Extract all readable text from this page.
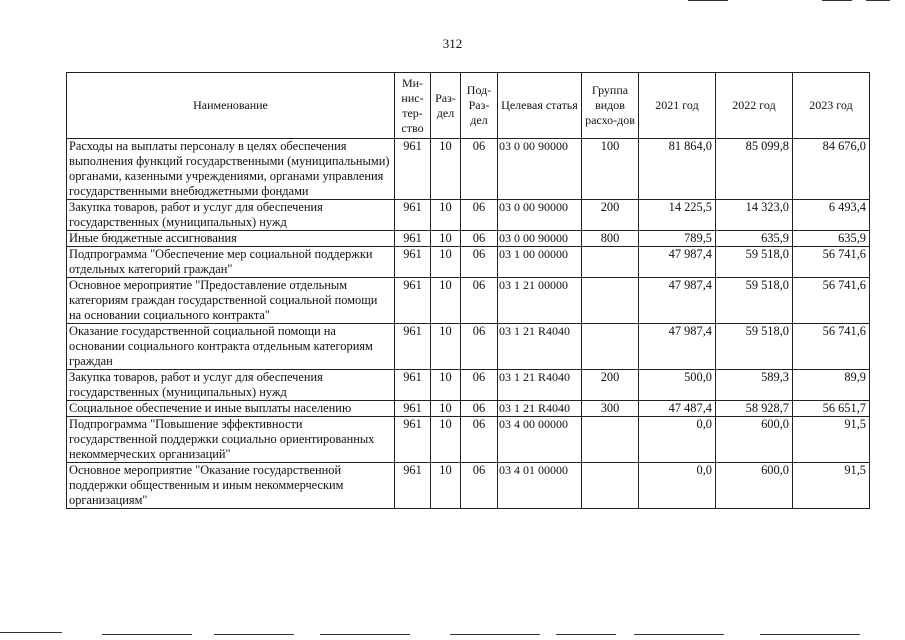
312
Наименование	Ми-нис-тер-ство	Раз-дел	Под-Раз-дел	Целевая статья	Группа видов расхо-дов	2021 год	2022 год	2023 год
Расходы на выплаты персоналу в целях обеспечения выполнения функций государственными (муниципальными) органами, казенными учреждениями, органами управления государственными внебюджетными фондами	961	10	06	03 0 00 90000	100	81 864,0	85 099,8	84 676,0
Закупка товаров, работ и услуг для обеспечения государственных (муниципальных) нужд	961	10	06	03 0 00 90000	200	14 225,5	14 323,0	6 493,4
Иные бюджетные ассигнования	961	10	06	03 0 00 90000	800	789,5	635,9	635,9
Подпрограмма "Обеспечение мер социальной поддержки отдельных категорий граждан"	961	10	06	03 1 00 00000		47 987,4	59 518,0	56 741,6
Основное мероприятие "Предоставление отдельным категориям граждан государственной социальной помощи на основании социального контракта"	961	10	06	03 1 21 00000		47 987,4	59 518,0	56 741,6
Оказание государственной социальной помощи на основании социального контракта отдельным категориям граждан	961	10	06	03 1 21 R4040		47 987,4	59 518,0	56 741,6
Закупка товаров, работ и услуг для обеспечения государственных (муниципальных) нужд	961	10	06	03 1 21 R4040	200	500,0	589,3	89,9
Социальное обеспечение и иные выплаты населению	961	10	06	03 1 21 R4040	300	47 487,4	58 928,7	56 651,7
Подпрограмма "Повышение эффективности государственной поддержки социально ориентированных некоммерческих организаций"	961	10	06	03 4 00 00000		0,0	600,0	91,5
Основное мероприятие "Оказание государственной поддержки общественным и иным некоммерческим организациям"	961	10	06	03 4 01 00000		0,0	600,0	91,5
